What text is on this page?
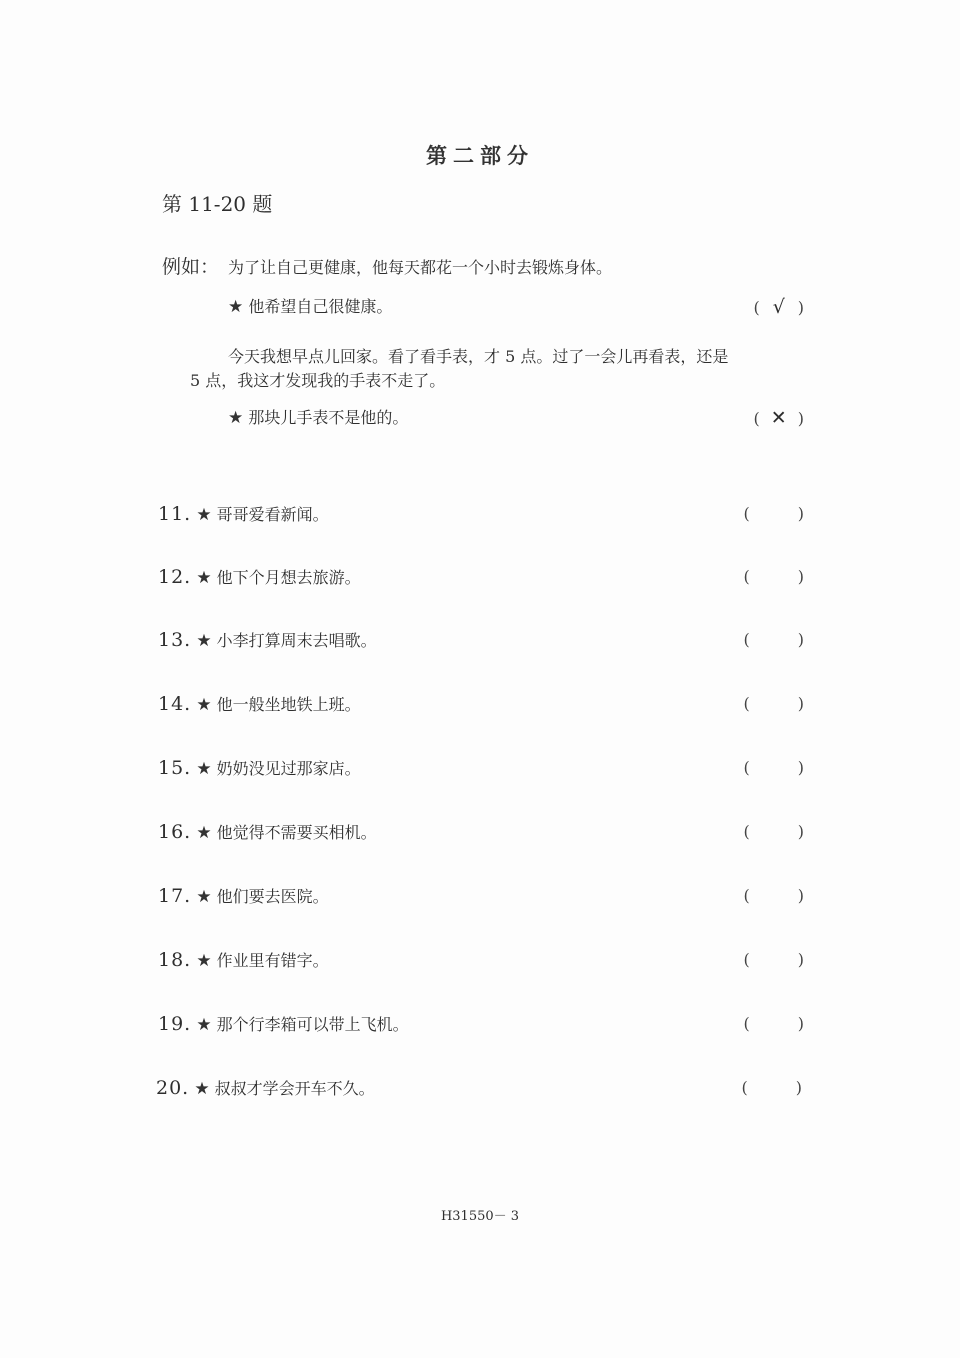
第二部分
第 11-20 题
例如： 为了让自己更健康，他每天都花一个小时去锻炼身体。
★ 他希望自己很健康。	( √ )
今天我想早点儿回家。看了看手表，才 5 点。过了一会儿再看表，还是
5 点，我这才发现我的手表不走了。
★ 那块儿手表不是他的。	( ✕ )
11. ★ 哥哥爱看新闻。	(	)
12. ★ 他下个月想去旅游。	(	)
13. ★ 小李打算周末去唱歌。	(	)
14. ★ 他一般坐地铁上班。	(	)
15. ★ 奶奶没见过那家店。	(	)
16. ★ 他觉得不需要买相机。	(	)
17. ★ 他们要去医院。	(	)
18. ★ 作业里有错字。	(	)
19. ★ 那个行李箱可以带上飞机。	(	)
20. ★ 叔叔才学会开车不久。	(	)
H31550－ 3
